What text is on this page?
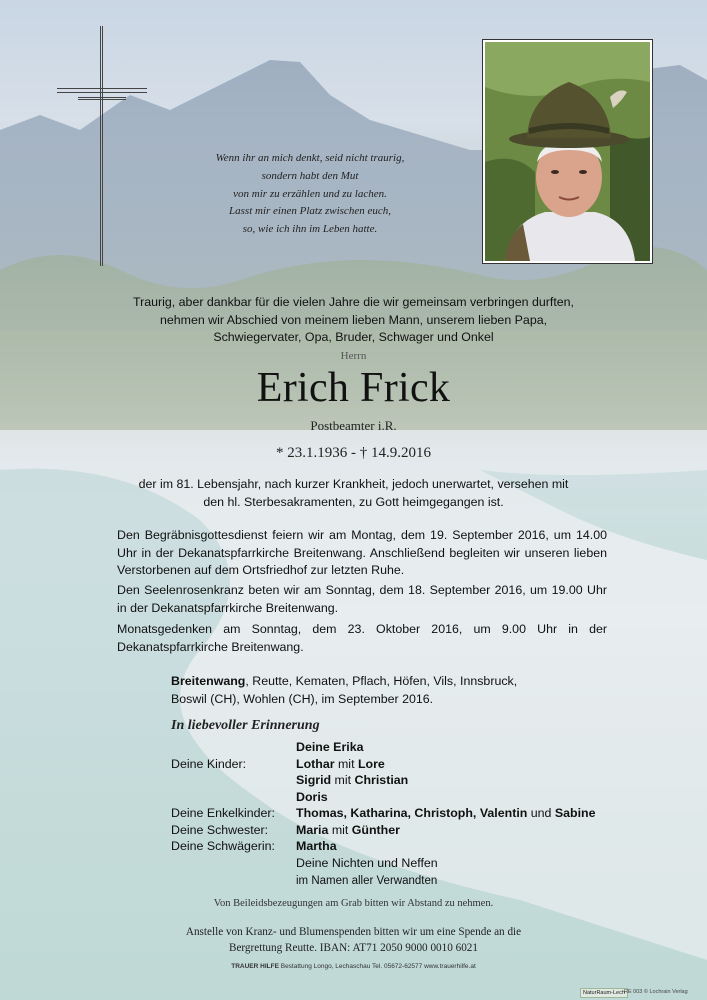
Wenn ihr an mich denkt, seid nicht traurig,
sondern habt den Mut
von mir zu erzählen und zu lachen.
Lasst mir einen Platz zwischen euch,
so, wie ich ihn im Leben hatte.
Traurig, aber dankbar für die vielen Jahre die wir gemeinsam verbringen durften,
nehmen wir Abschied von meinem lieben Mann, unserem lieben Papa,
Schwiegervater, Opa, Bruder, Schwager und Onkel
Herrn
Erich Frick
Postbeamter i.R.
* 23.1.1936 - † 14.9.2016
der im 81. Lebensjahr, nach kurzer Krankheit, jedoch unerwartet, versehen mit
den hl. Sterbesakramenten, zu Gott heimgegangen ist.
Den Begräbnisgottesdienst feiern wir am Montag, dem 19. September 2016, um 14.00 Uhr in der Dekanatspfarrkirche Breitenwang. Anschließend begleiten wir unseren lieben Verstorbenen auf dem Ortsfriedhof zur letzten Ruhe.
Den Seelenrosenkranz beten wir am Sonntag, dem 18. September 2016, um 19.00 Uhr in der Dekanatspfarrkirche Breitenwang.
Monatsgedenken am Sonntag, dem 23. Oktober 2016, um 9.00 Uhr in der Dekanatspfarrkirche Breitenwang.
Breitenwang, Reutte, Kematen, Pflach, Höfen, Vils, Innsbruck,
Boswil (CH), Wohlen (CH), im September 2016.
In liebevoller Erinnerung
Deine Erika
Deine Kinder:	Lothar mit Lore
Sigrid mit Christian
Doris
Deine Enkelkinder: Thomas, Katharina, Christoph, Valentin und Sabine
Deine Schwester: Maria mit Günther
Deine Schwägerin: Martha
Deine Nichten und Neffen
im Namen aller Verwandten
Von Beileidsbezeugungen am Grab bitten wir Abstand zu nehmen.
Anstelle von Kranz- und Blumenspenden bitten wir um eine Spende an die
Bergrettung Reutte. IBAN: AT71 2050 9000 0010 6021
TRAUER HILFE Bestattung Longo, Lechaschau Tel. 05672-62577 www.trauerhilfe.at
NaturRaum-Lech RE 003 © Lochrain Verlag
